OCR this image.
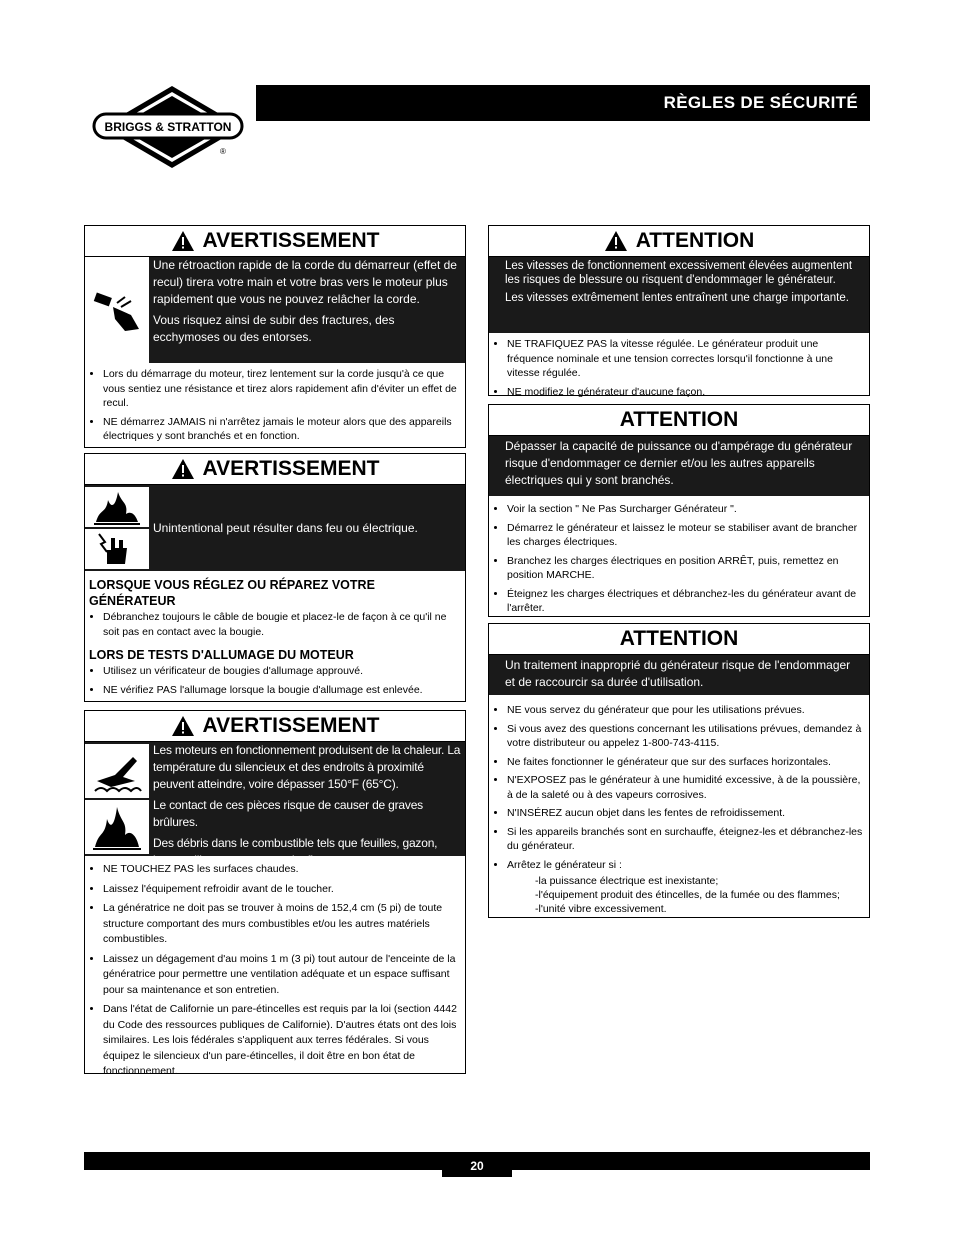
BRIGGS & STRATTON
®
RÈGLES DE SÉCURITÉ
AVERTISSEMENT

Une rétroaction rapide de la corde du démarreur (effet de recul) tirera votre main et votre bras vers le moteur plus rapidement que vous ne pouvez relâcher la corde.

Vous risquez ainsi de subir des fractures, des ecchymoses ou des entorses.

• Lors du démarrage du moteur, tirez lentement sur la corde jusqu'à ce que vous sentiez une résistance et tirez alors rapidement afin d'éviter un effet de recul.
• NE démarrez JAMAIS ni n'arrêtez jamais le moteur alors que des appareils électriques y sont branchés et en fonction.
AVERTISSEMENT
Unintentional peut résulter dans feu ou électrique.

LORSQUE VOUS RÉGLEZ OU RÉPAREZ VOTRE GÉNÉRATEUR

• Débranchez toujours le câble de bougie et placez-le de façon à ce qu'il ne soit pas en contact avec la bougie.

LORS DE TESTS D'ALLUMAGE DU MOTEUR

• Utilisez un vérificateur de bougies d'allumage approuvé.
• NE vérifiez PAS l'allumage lorsque la bougie d'allumage est enlevée.
AVERTISSEMENT

Les moteurs en fonctionnement produisent de la chaleur. La température du silencieux et des endroits à proximité peuvent atteindre, voire dépasser 150°F (65°C).

Le contact de ces pièces risque de causer de graves brûlures.

Des débris dans le combustible tels que feuilles, gazon, broussailles, etc. peuvent s'enflammer.

• NE TOUCHEZ PAS les surfaces chaudes.
• Laissez l'équipement refroidir avant de le toucher.
• La génératrice ne doit pas se trouver à moins de 152,4 cm (5 pi) de toute structure comportant des murs combustibles et/ou les autres matériels combustibles.
• Laissez un dégagement d'au moins 1 m (3 pi) tout autour de l'enceinte de la génératrice pour permettre une ventilation adéquate et un espace suffisant pour sa maintenance et son entretien.
• Dans l'état de Californie un pare-étincelles est requis par la loi (section 4442 du Code des ressources publiques de Californie). D'autres états ont des lois similaires. Les lois fédérales s'appliquent aux terres fédérales. Si vous équipez le silencieux d'un pare-étincelles, il doit être en bon état de fonctionnement.
ATTENTION

Les vitesses de fonctionnement excessivement élevées augmentent les risques de blessure ou risquent d'endommager le générateur.

Les vitesses extrêmement lentes entraînent une charge importante.

• NE TRAFIQUEZ PAS la vitesse régulée. Le générateur produit une fréquence nominale et une tension correctes lorsqu'il fonctionne à une vitesse régulée.
• NE modifiez le générateur d'aucune façon.
ATTENTION

Dépasser la capacité de puissance ou d'ampérage du générateur risque d'endommager ce dernier et/ou les autres appareils électriques qui y sont branchés.

• Voir la section " Ne Pas Surcharger Générateur ".
• Démarrez le générateur et laissez le moteur se stabiliser avant de brancher les charges électriques.
• Branchez les charges électriques en position ARRÊT, puis, remettez en position MARCHE.
• Éteignez les charges électriques et débranchez-les du générateur avant de l'arrêter.
ATTENTION

Un traitement inapproprié du générateur risque de l'endommager et de raccourcir sa durée d'utilisation.

• NE vous servez du générateur que pour les utilisations prévues.
• Si vous avez des questions concernant les utilisations prévues, demandez à votre distributeur ou appelez 1-800-743-4115.
• Ne faites fonctionner le générateur que sur des surfaces horizontales.
• N'EXPOSEZ pas le générateur à une humidité excessive, à de la poussière, à de la saleté ou à des vapeurs corrosives.
• N'INSÉREZ aucun objet dans les fentes de refroidissement.
• Si les appareils branchés sont en surchauffe, éteignez-les et débranchez-les du générateur.
• Arrêtez le générateur si :
-la puissance électrique est inexistante;
-l'équipement produit des étincelles, de la fumée ou des flammes;
-l'unité vibre excessivement.
20
